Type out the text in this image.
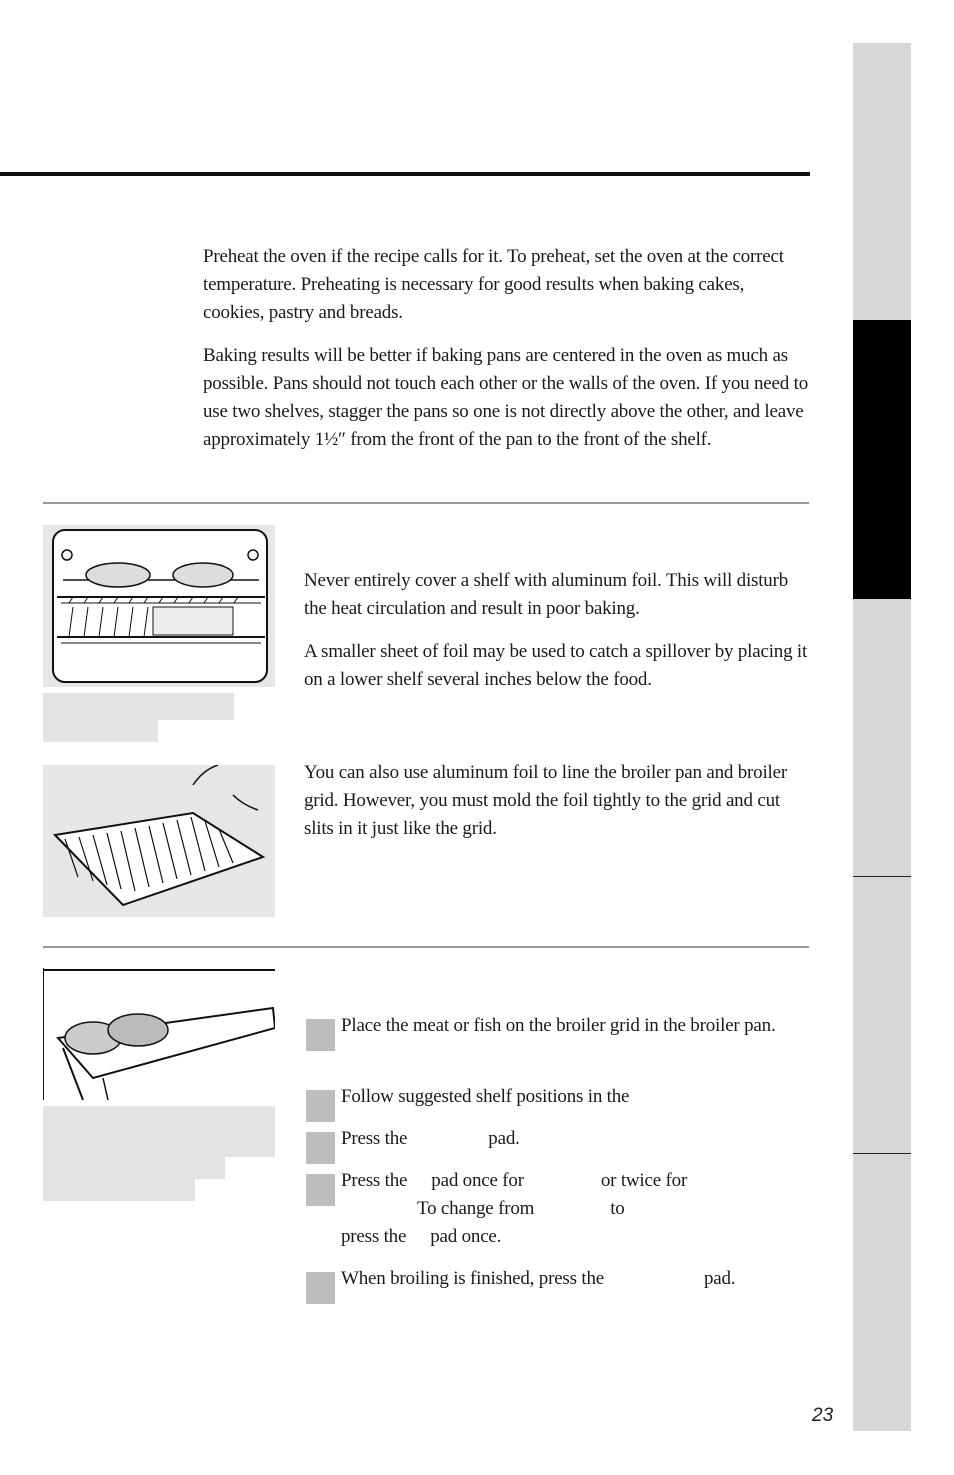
Preheat the oven if the recipe calls for it. To preheat, set the oven at the correct temperature. Preheating is necessary for good results when baking cakes, cookies, pastry and breads.

Baking results will be better if baking pans are centered in the oven as much as possible. Pans should not touch each other or the walls of the oven. If you need to use two shelves, stagger the pans so one is not directly above the other, and leave approximately 1½″ from the front of the pan to the front of the shelf.

Never entirely cover a shelf with aluminum foil. This will disturb the heat circulation and result in poor baking.

A smaller sheet of foil may be used to catch a spillover by placing it on a lower shelf several inches below the food.

You can also use aluminum foil to line the broiler pan and broiler grid. However, you must mold the foil tightly to the grid and cut slits in it just like the grid.

Place the meat or fish on the broiler grid in the broiler pan.
Follow suggested shelf positions in the
Press the	pad.
Press the pad once for	or twice for
To change from	to
press the pad once.
When broiling is finished, press the	pad.
23
